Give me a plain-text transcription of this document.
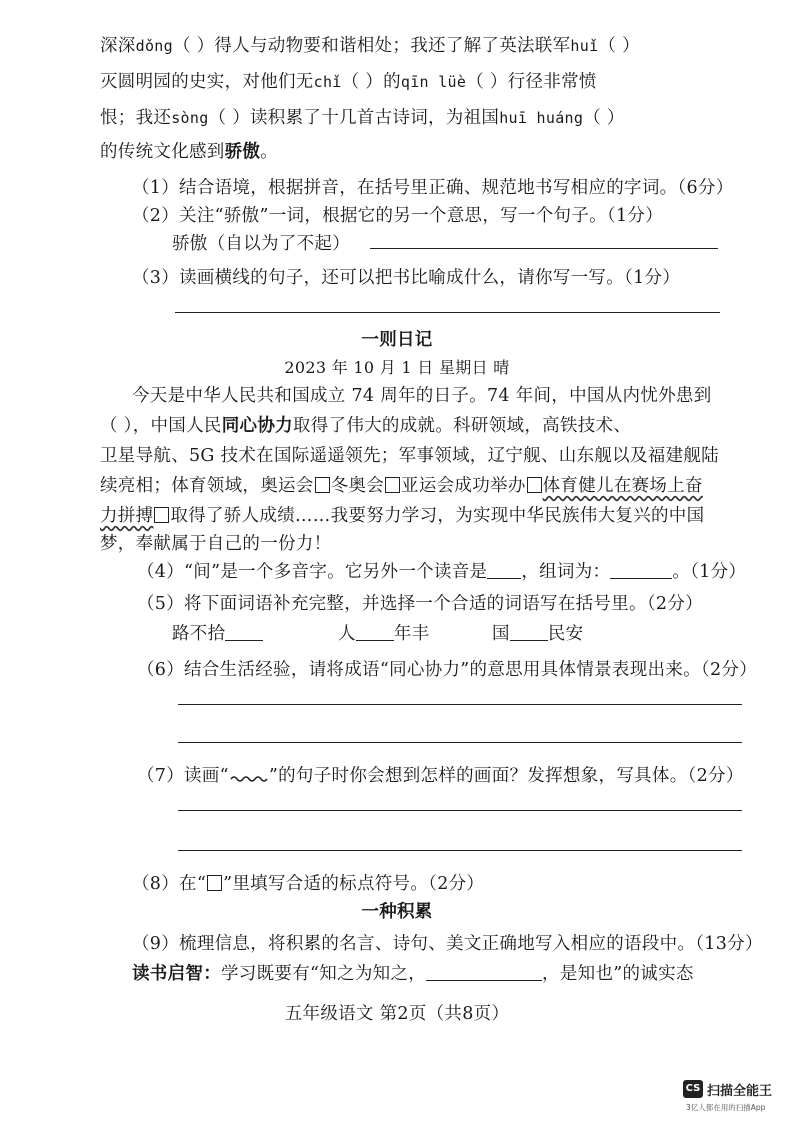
深深dǒng（ ）得人与动物要和谐相处；我还了解了英法联军huǐ（ ）
灭圆明园的史实，对他们无chǐ（ ）的qīn lüè（ ）行径非常愤
恨；我还sòng（ ）读积累了十几首古诗词，为祖国huī huáng（ ）
的传统文化感到骄傲。
（1）结合语境，根据拼音，在括号里正确、规范地书写相应的字词。（6分）
（2）关注“骄傲”一词，根据它的另一个意思，写一个句子。（1分）
骄傲（自以为了不起）
（3）读画横线的句子，还可以把书比喻成什么，请你写一写。（1分）
一则日记
2023 年 10 月 1 日 星期日 晴
今天是中华人民共和国成立 74 周年的日子。74 年间，中国从内忧外患到
（ ），中国人民同心协力取得了伟大的成就。科研领域，高铁技术、
卫星导航、5G 技术在国际遥遥领先；军事领域，辽宁舰、山东舰以及福建舰陆
续亮相；体育领域，奥运会 冬奥会 亚运会成功举办 体育健儿在赛场上奋
力拼搏 取得了骄人成绩……我要努力学习，为实现中华民族伟大复兴的中国
梦，奉献属于自己的一份力！
（4）“间”是一个多音字。它另外一个读音是 ，组词为：	。（1分）
（5）将下面词语补充完整，并选择一个合适的词语写在括号里。（2分）
路不拾	人 年丰	国 民安
（6）结合生活经验，请将成语“同心协力”的意思用具体情景表现出来。（2分）
（7）读画“ ”的句子时你会想到怎样的画面？发挥想象，写具体。（2分）
（8）在“ ”里填写合适的标点符号。（2分）
一种积累
（9）梳理信息，将积累的名言、诗句、美文正确地写入相应的语段中。（13分）
读书启智：学习既要有“知之为知之，	，是知也”的诚实态
五年级语文 第2页（共8页）
CS 扫描全能王
3亿人都在用的扫描App
